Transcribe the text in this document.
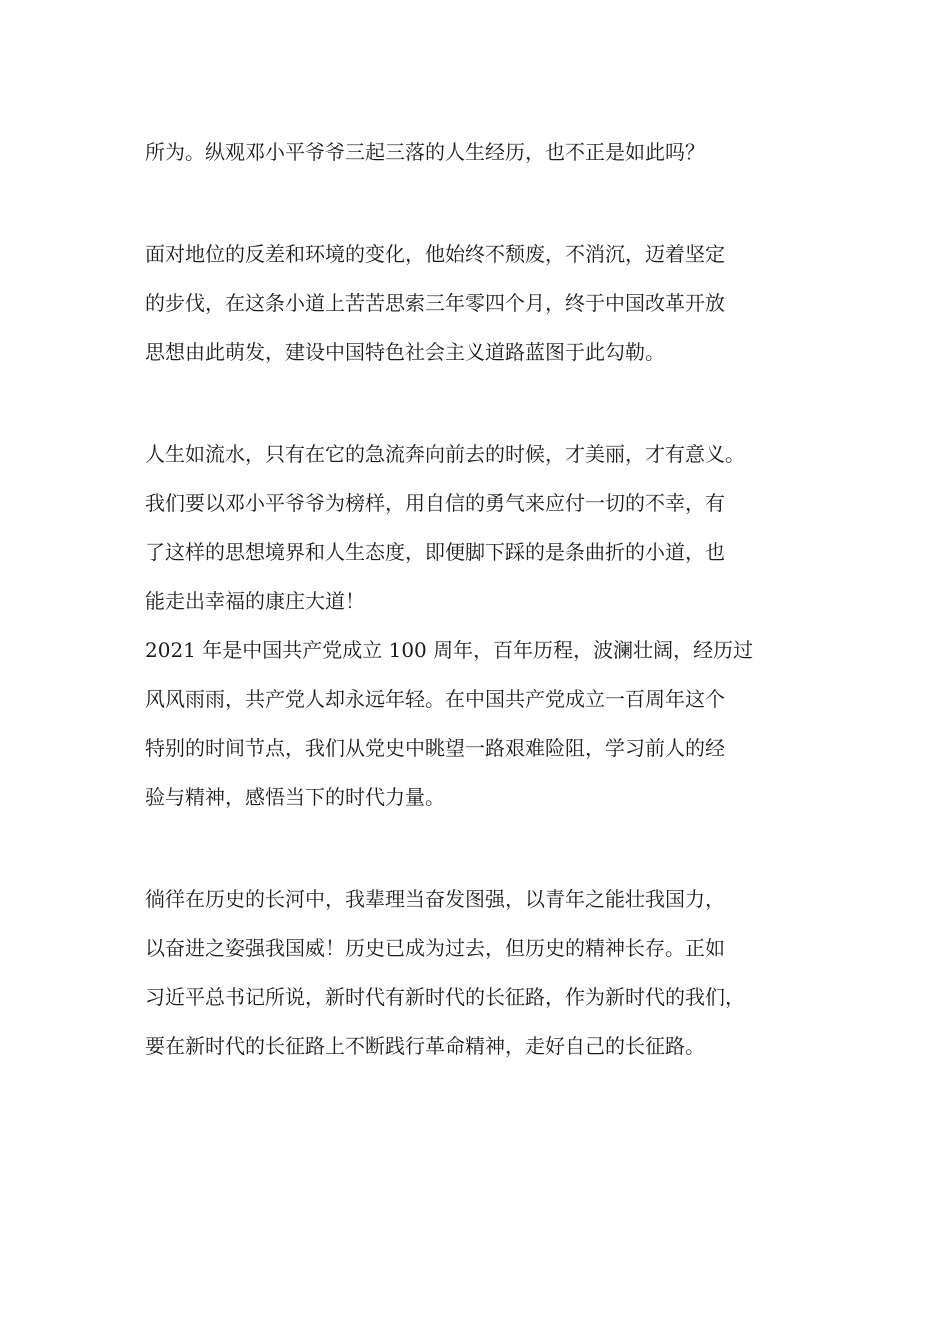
所为。纵观邓小平爷爷三起三落的人生经历，也不正是如此吗？

面对地位的反差和环境的变化，他始终不颓废，不消沉，迈着坚定
的步伐，在这条小道上苦苦思索三年零四个月，终于中国改革开放
思想由此萌发，建设中国特色社会主义道路蓝图于此勾勒。

人生如流水，只有在它的急流奔向前去的时候，才美丽，才有意义。
我们要以邓小平爷爷为榜样，用自信的勇气来应付一切的不幸，有
了这样的思想境界和人生态度，即便脚下踩的是条曲折的小道，也
能走出幸福的康庄大道！

2021 年是中国共产党成立 100 周年，百年历程，波澜壮阔，经历过
风风雨雨，共产党人却永远年轻。在中国共产党成立一百周年这个
特别的时间节点，我们从党史中眺望一路艰难险阻，学习前人的经
验与精神，感悟当下的时代力量。

徜徉在历史的长河中，我辈理当奋发图强，以青年之能壮我国力，
以奋进之姿强我国威！历史已成为过去，但历史的精神长存。正如
习近平总书记所说，新时代有新时代的长征路，作为新时代的我们，
要在新时代的长征路上不断践行革命精神，走好自己的长征路。
